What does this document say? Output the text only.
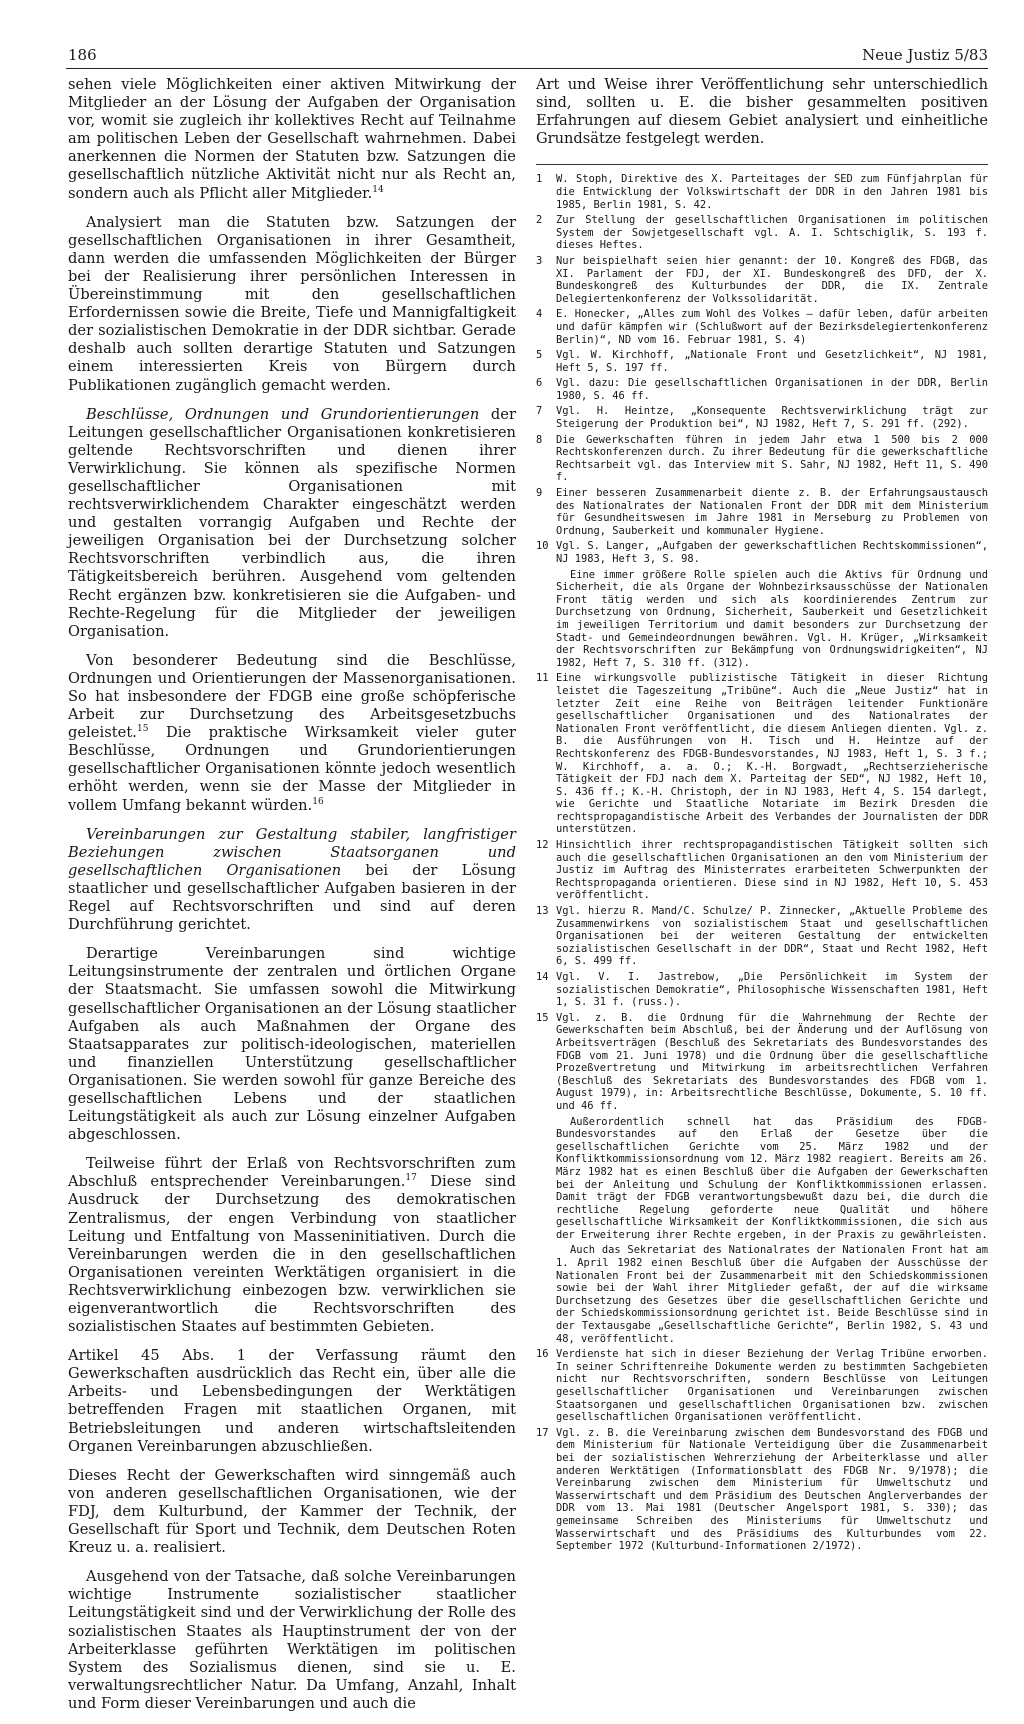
186	Neue Justiz 5/83

sehen viele Möglichkeiten einer aktiven Mitwirkung der Mitglieder an der Lösung der Aufgaben der Organisation vor, womit sie zugleich ihr kollektives Recht auf Teilnahme am politischen Leben der Gesellschaft wahrnehmen. Dabei anerkennen die Normen der Statuten bzw. Satzungen die gesellschaftlich nützliche Aktivität nicht nur als Recht an, sondern auch als Pflicht aller Mitglieder.$^{14}$

Analysiert man die Statuten bzw. Satzungen der gesellschaftlichen Organisationen in ihrer Gesamtheit, dann werden die umfassenden Möglichkeiten der Bürger bei der Realisierung ihrer persönlichen Interessen in Übereinstimmung mit den gesellschaftlichen Erfordernissen sowie die Breite, Tiefe und Mannigfaltigkeit der sozialistischen Demokratie in der DDR sichtbar. Gerade deshalb auch sollten derartige Statuten und Satzungen einem interessierten Kreis von Bürgern durch Publikationen zugänglich gemacht werden.

Beschlüsse, Ordnungen und Grundorientierungen der Leitungen gesellschaftlicher Organisationen konkretisieren geltende Rechtsvorschriften und dienen ihrer Verwirklichung. Sie können als spezifische Normen gesellschaftlicher Organisationen mit rechtsverwirklichendem Charakter eingeschätzt werden und gestalten vorrangig Aufgaben und Rechte der jeweiligen Organisation bei der Durchsetzung solcher Rechtsvorschriften verbindlich aus, die ihren Tätigkeitsbereich berühren. Ausgehend vom geltenden Recht ergänzen bzw. konkretisieren sie die Aufgaben- und Rechte-Regelung für die Mitglieder der jeweiligen Organisation.

Von besonderer Bedeutung sind die Beschlüsse, Ordnungen und Orientierungen der Massenorganisationen. So hat insbesondere der FDGB eine große schöpferische Arbeit zur Durchsetzung des Arbeitsgesetzbuchs geleistet.$^{15}$ Die praktische Wirksamkeit vieler guter Beschlüsse, Ordnungen und Grundorientierungen gesellschaftlicher Organisationen könnte jedoch wesentlich erhöht werden, wenn sie der Masse der Mitglieder in vollem Umfang bekannt würden.$^{16}$

Vereinbarungen zur Gestaltung stabiler, langfristiger Beziehungen zwischen Staatsorganen und gesellschaftlichen Organisationen bei der Lösung staatlicher und gesellschaftlicher Aufgaben basieren in der Regel auf Rechtsvorschriften und sind auf deren Durchführung gerichtet.

Derartige Vereinbarungen sind wichtige Leitungsinstrumente der zentralen und örtlichen Organe der Staatsmacht. Sie umfassen sowohl die Mitwirkung gesellschaftlicher Organisationen an der Lösung staatlicher Aufgaben als auch Maßnahmen der Organe des Staatsapparates zur politisch-ideologischen, materiellen und finanziellen Unterstützung gesellschaftlicher Organisationen. Sie werden sowohl für ganze Bereiche des gesellschaftlichen Lebens und der staatlichen Leitungstätigkeit als auch zur Lösung einzelner Aufgaben abgeschlossen.

Teilweise führt der Erlaß von Rechtsvorschriften zum Abschluß entsprechender Vereinbarungen.$^{17}$ Diese sind Ausdruck der Durchsetzung des demokratischen Zentralismus, der engen Verbindung von staatlicher Leitung und Entfaltung von Masseninitiativen. Durch die Vereinbarungen werden die in den gesellschaftlichen Organisationen vereinten Werktätigen organisiert in die Rechtsverwirklichung einbezogen bzw. verwirklichen sie eigenverantwortlich die Rechtsvorschriften des sozialistischen Staates auf bestimmten Gebieten.

Artikel 45 Abs. 1 der Verfassung räumt den Gewerkschaften ausdrücklich das Recht ein, über alle die Arbeits- und Lebensbedingungen der Werktätigen betreffenden Fragen mit staatlichen Organen, mit Betriebsleitungen und anderen wirtschaftsleitenden Organen Vereinbarungen abzuschließen.

Dieses Recht der Gewerkschaften wird sinngemäß auch von anderen gesellschaftlichen Organisationen, wie der FDJ, dem Kulturbund, der Kammer der Technik, der Gesellschaft für Sport und Technik, dem Deutschen Roten Kreuz u. a. realisiert.

Ausgehend von der Tatsache, daß solche Vereinbarungen wichtige Instrumente sozialistischer staatlicher Leitungstätigkeit sind und der Verwirklichung der Rolle des sozialistischen Staates als Hauptinstrument der von der Arbeiterklasse geführten Werktätigen im politischen System des Sozialismus dienen, sind sie u. E. verwaltungsrechtlicher Natur. Da Umfang, Anzahl, Inhalt und Form dieser Vereinbarungen und auch die

Art und Weise ihrer Veröffentlichung sehr unterschiedlich sind, sollten u. E. die bisher gesammelten positiven Erfahrungen auf diesem Gebiet analysiert und einheitliche Grundsätze festgelegt werden.

1	W. Stoph, Direktive des X. Parteitages der SED zum Fünfjahrplan für die Entwicklung der Volkswirtschaft der DDR in den Jahren 1981 bis 1985, Berlin 1981, S. 42.
2	Zur Stellung der gesellschaftlichen Organisationen im politischen System der Sowjetgesellschaft vgl. A. I. Schtschiglik, S. 193 f. dieses Heftes.
3	Nur beispielhaft seien hier genannt: der 10. Kongreß des FDGB, das XI. Parlament der FDJ, der XI. Bundeskongreß des DFD, der X. Bundeskongreß des Kulturbundes der DDR, die IX. Zentrale Delegiertenkonferenz der Volkssolidarität.
4	E. Honecker, „Alles zum Wohl des Volkes – dafür leben, dafür arbeiten und dafür kämpfen wir (Schlußwort auf der Bezirksdelegiertenkonferenz Berlin)“, ND vom 16. Februar 1981, S. 4)
5	Vgl. W. Kirchhoff, „Nationale Front und Gesetzlichkeit“, NJ 1981, Heft 5, S. 197 ff.
6	Vgl. dazu: Die gesellschaftlichen Organisationen in der DDR, Berlin 1980, S. 46 ff.
7	Vgl. H. Heintze, „Konsequente Rechtsverwirklichung trägt zur Steigerung der Produktion bei“, NJ 1982, Heft 7, S. 291 ff. (292).
8	Die Gewerkschaften führen in jedem Jahr etwa 1 500 bis 2 000 Rechtskonferenzen durch. Zu ihrer Bedeutung für die gewerkschaftliche Rechtsarbeit vgl. das Interview mit S. Sahr, NJ 1982, Heft 11, S. 490 f.
9	Einer besseren Zusammenarbeit diente z. B. der Erfahrungsaustausch des Nationalrates der Nationalen Front der DDR mit dem Ministerium für Gesundheitswesen im Jahre 1981 in Merseburg zu Problemen von Ordnung, Sauberkeit und kommunaler Hygiene.
10 Vgl. S. Langer, „Aufgaben der gewerkschaftlichen Rechtskommissionen“, NJ 1983, Heft 3, S. 98.
Eine immer größere Rolle spielen auch die Aktivs für Ordnung und Sicherheit, die als Organe der Wohnbezirksausschüsse der Nationalen Front tätig werden und sich als koordinierendes Zentrum zur Durchsetzung von Ordnung, Sicherheit, Sauberkeit und Gesetzlichkeit im jeweiligen Territorium und damit besonders zur Durchsetzung der Stadt- und Gemeindeordnungen bewähren. Vgl. H. Krüger, „Wirksamkeit der Rechtsvorschriften zur Bekämpfung von Ordnungswidrigkeiten“, NJ 1982, Heft 7, S. 310 ff. (312).
11 Eine wirkungsvolle publizistische Tätigkeit in dieser Richtung leistet die Tageszeitung „Tribüne“. Auch die „Neue Justiz“ hat in letzter Zeit eine Reihe von Beiträgen leitender Funktionäre gesellschaftlicher Organisationen und des Nationalrates der Nationalen Front veröffentlicht, die diesem Anliegen dienten. Vgl. z. B. die Ausführungen von H. Tisch und H. Heintze auf der Rechtskonferenz des FDGB-Bundesvorstandes, NJ 1983, Heft 1, S. 3 f.; W. Kirchhoff, a. a. O.; K.-H. Borgwadt, „Rechtserzieherische Tätigkeit der FDJ nach dem X. Parteitag der SED“, NJ 1982, Heft 10, S. 436 ff.; K.-H. Christoph, der in NJ 1983, Heft 4, S. 154 darlegt, wie Gerichte und Staatliche Notariate im Bezirk Dresden die rechtspropagandistische Arbeit des Verbandes der Journalisten der DDR unterstützen.
12 Hinsichtlich ihrer rechtspropagandistischen Tätigkeit sollten sich auch die gesellschaftlichen Organisationen an den vom Ministerium der Justiz im Auftrag des Ministerrates erarbeiteten Schwerpunkten der Rechtspropaganda orientieren. Diese sind in NJ 1982, Heft 10, S. 453 veröffentlicht.
13 Vgl. hierzu R. Mand/C. Schulze/ P. Zinnecker, „Aktuelle Probleme des Zusammenwirkens von sozialistischem Staat und gesellschaftlichen Organisationen bei der weiteren Gestaltung der entwickelten sozialistischen Gesellschaft in der DDR“, Staat und Recht 1982, Heft 6, S. 499 ff.
14 Vgl. V. I. Jastrebow, „Die Persönlichkeit im System der sozialistischen Demokratie“, Philosophische Wissenschaften 1981, Heft 1, S. 31 f. (russ.).
15 Vgl. z. B. die Ordnung für die Wahrnehmung der Rechte der Gewerkschaften beim Abschluß, bei der Änderung und der Auflösung von Arbeitsverträgen (Beschluß des Sekretariats des Bundesvorstandes des FDGB vom 21. Juni 1978) und die Ordnung über die gesellschaftliche Prozeßvertretung und Mitwirkung im arbeitsrechtlichen Verfahren (Beschluß des Sekretariats des Bundesvorstandes des FDGB vom 1. August 1979), in: Arbeitsrechtliche Beschlüsse, Dokumente, S. 10 ff. und 46 ff.
Außerordentlich schnell hat das Präsidium des FDGB-Bundesvorstandes auf den Erlaß der Gesetze über die gesellschaftlichen Gerichte vom 25. März 1982 und der Konfliktkommissionsordnung vom 12. März 1982 reagiert. Bereits am 26. März 1982 hat es einen Beschluß über die Aufgaben der Gewerkschaften bei der Anleitung und Schulung der Konfliktkommissionen erlassen. Damit trägt der FDGB verantwortungsbewußt dazu bei, die durch die rechtliche Regelung geforderte neue Qualität und höhere gesellschaftliche Wirksamkeit der Konfliktkommissionen, die sich aus der Erweiterung ihrer Rechte ergeben, in der Praxis zu gewährleisten.
Auch das Sekretariat des Nationalrates der Nationalen Front hat am 1. April 1982 einen Beschluß über die Aufgaben der Ausschüsse der Nationalen Front bei der Zusammenarbeit mit den Schiedskommissionen sowie bei der Wahl ihrer Mitglieder gefaßt, der auf die wirksame Durchsetzung des Gesetzes über die gesellschaftlichen Gerichte und der Schiedskommissionsordnung gerichtet ist. Beide Beschlüsse sind in der Textausgabe „Gesellschaftliche Gerichte“, Berlin 1982, S. 43 und 48, veröffentlicht.
16 Verdienste hat sich in dieser Beziehung der Verlag Tribüne erworben. In seiner Schriftenreihe Dokumente werden zu bestimmten Sachgebieten nicht nur Rechtsvorschriften, sondern Beschlüsse von Leitungen gesellschaftlicher Organisationen und Vereinbarungen zwischen Staatsorganen und gesellschaftlichen Organisationen bzw. zwischen gesellschaftlichen Organisationen veröffentlicht.
17 Vgl. z. B. die Vereinbarung zwischen dem Bundesvorstand des FDGB und dem Ministerium für Nationale Verteidigung über die Zusammenarbeit bei der sozialistischen Wehrerziehung der Arbeiterklasse und aller anderen Werktätigen (Informationsblatt des FDGB Nr. 9/1978); die Vereinbarung zwischen dem Ministerium für Umweltschutz und Wasserwirtschaft und dem Präsidium des Deutschen Anglerverbandes der DDR vom 13. Mai 1981 (Deutscher Angelsport 1981, S. 330); das gemeinsame Schreiben des Ministeriums für Umweltschutz und Wasserwirtschaft und des Präsidiums des Kulturbundes vom 22. September 1972 (Kulturbund-Informationen 2/1972).
